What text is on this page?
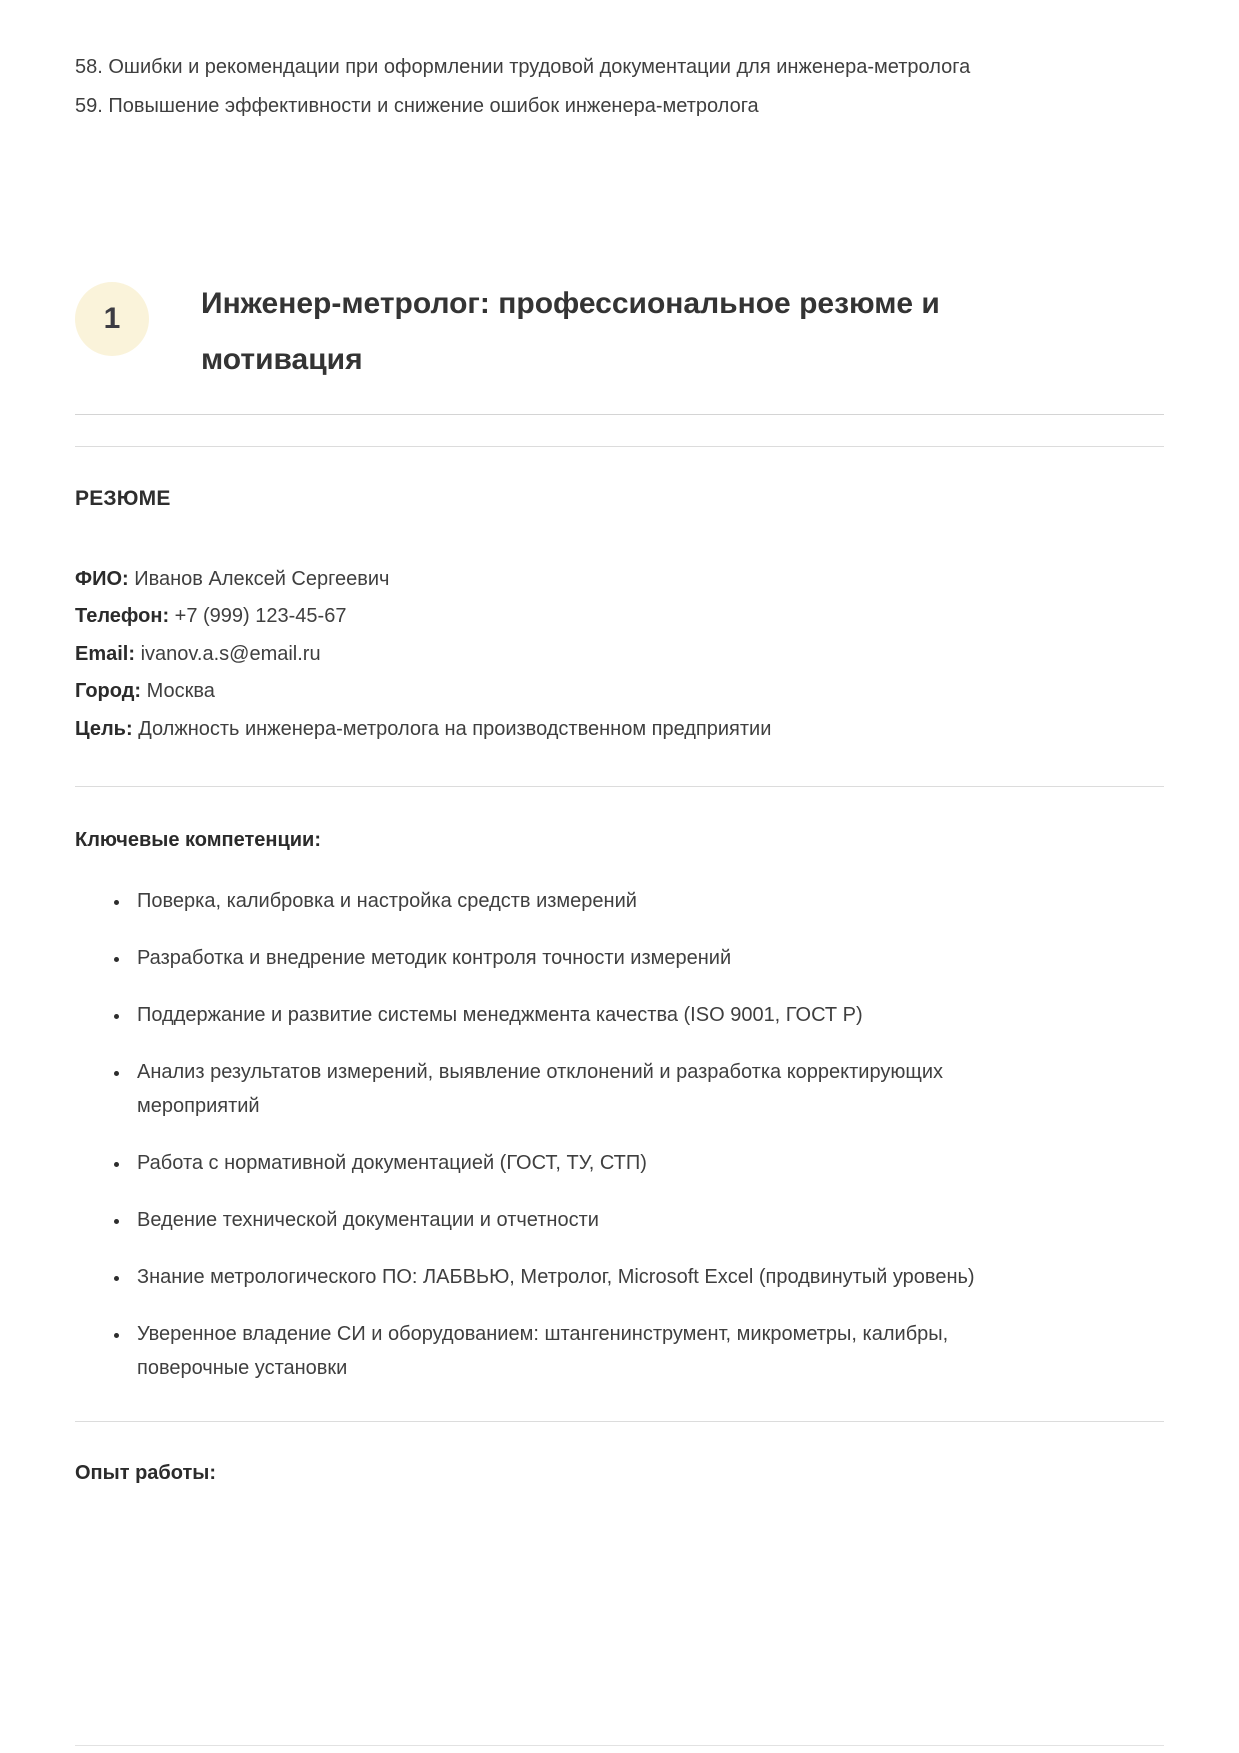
58. Ошибки и рекомендации при оформлении трудовой документации для инженера-метролога

59. Повышение эффективности и снижение ошибок инженера-метролога

1	Инженер-метролог: профессиональное резюме и мотивация
РЕЗЮМЕ

ФИО: Иванов Алексей Сергеевич

Телефон: +7 (999) 123-45-67

Email: ivanov.a.s@email.ru

Город: Москва

Цель: Должность инженера-метролога на производственном предприятии

Ключевые компетенции:
• Поверка, калибровка и настройка средств измерений
• Разработка и внедрение методик контроля точности измерений
• Поддержание и развитие системы менеджмента качества (ISO 9001, ГОСТ Р)
• Анализ результатов измерений, выявление отклонений и разработка корректирующих мероприятий
• Работа с нормативной документацией (ГОСТ, ТУ, СТП)
• Ведение технической документации и отчетности
• Знание метрологического ПО: ЛАБВЬЮ, Метролог, Microsoft Excel (продвинутый уровень)
• Уверенное владение СИ и оборудованием: штангенинструмент, микрометры, калибры, поверочные установки
Опыт работы:
